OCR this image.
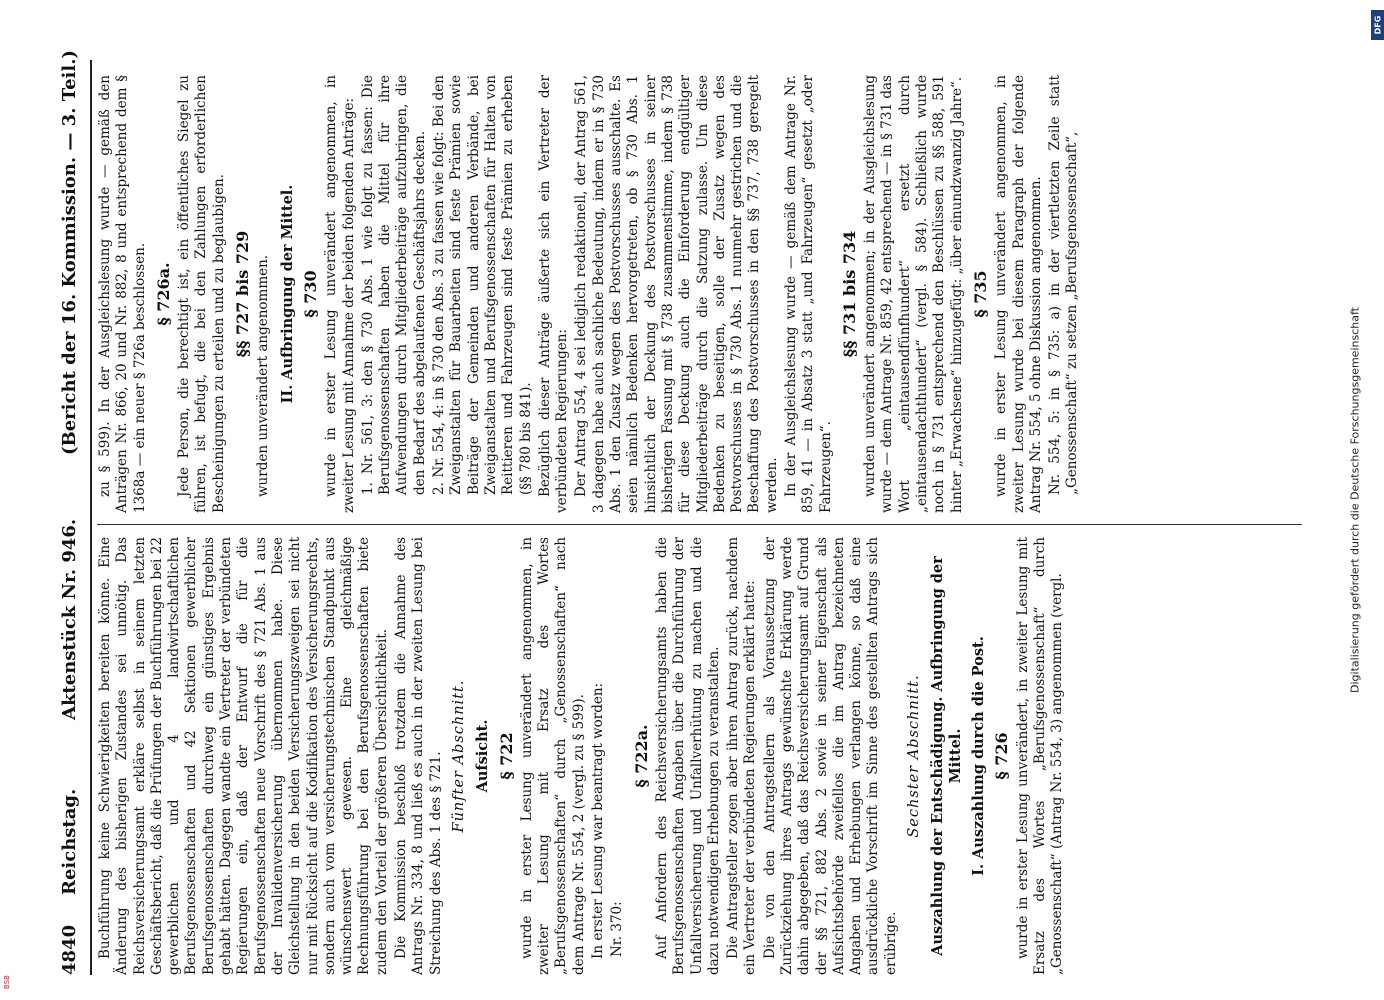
4840
Reichstag.
Aktenstück Nr. 946.
(Bericht der 16. Kommission. — 3. Teil.)

Buchführung keine Schwierigkeiten bereiten könne. Eine Änderung des bisherigen Zustandes sei unnötig. Das Reichsversicherungsamt erkläre selbst in seinem letzten Geschäftsbericht, daß die Prüfungen der Buchführungen bei 22 gewerblichen und 4 landwirtschaftlichen Berufsgenossenschaften und 42 Sektionen gewerblicher Berufsgenossenschaften durchweg ein günstiges Ergebnis gehabt hätten. Dagegen wandte ein Vertreter der verbündeten Regierungen ein, daß der Entwurf die für die Berufsgenossenschaften neue Vorschrift des § 721 Abs. 1 aus der Invalidenversicherung übernommen habe. Diese Gleichstellung in den beiden Versicherungszweigen sei nicht nur mit Rücksicht auf die Kodifikation des Versicherungsrechts, sondern auch vom versicherungstechnischen Standpunkt aus wünschenswert gewesen. Eine gleichmäßige Rechnungsführung bei den Berufsgenossenschaften biete zudem den Vorteil der größeren Übersichtlichkeit. Die Kommission beschloß trotzdem die Annahme des Antrags Nr. 334, 8 und ließ es auch in der zweiten Lesung bei Streichung des Abs. 1 des § 721. Fünfter Abschnitt. Aufsicht. § 722 wurde in erster Lesung unverändert angenommen, in zweiter Lesung mit Ersatz des Wortes „Berufsgenossenschaften“ durch „Genossenschaften“ nach dem Antrage Nr. 554, 2 (vergl. zu § 599). In erster Lesung war beantragt worden: Nr. 370:

§ 722a. Auf Anfordern des Reichsversicherungsamts haben die Berufsgenossenschaften Angaben über die Durchführung der Unfallversicherung und Unfallverhütung zu machen und die dazu notwendigen Erhebungen zu veranstalten. Die Antragsteller zogen aber ihren Antrag zurück, nachdem ein Vertreter der verbündeten Regierungen erklärt hatte: Die von den Antragstellern als Voraussetzung der Zurückziehung ihres Antrags gewünschte Erklärung werde dahin abgegeben, daß das Reichsversicherungsamt auf Grund der §§ 721, 882 Abs. 2 sowie in seiner Eigenschaft als Aufsichtsbehörde zweifellos die im Antrag bezeichneten Angaben und Erhebungen verlangen könne, so daß eine ausdrückliche Vorschrift im Sinne des gestellten Antrags sich erübrige.

Sechster Abschnitt. Auszahlung der Entschädigung. Aufbringung der Mittel. I. Auszahlung durch die Post. § 726 wurde in erster Lesung unverändert, in zweiter Lesung mit Ersatz des Wortes „Berufsgenossenschaft“ durch „Genossenschaft“ (Antrag Nr. 554, 3) angenommen (vergl.

zu § 599). In der Ausgleichslesung wurde — gemäß den Anträgen Nr. 866, 20 und Nr. 882, 8 und entsprechend dem § 1368a — ein neuer § 726a beschlossen. § 726a. Jede Person, die berechtigt ist, ein öffentliches Siegel zu führen, ist befugt, die bei den Zahlungen erforderlichen Bescheinigungen zu erteilen und zu beglaubigen. §§ 727 bis 729 wurden unverändert angenommen. II. Aufbringung der Mittel. § 730 wurde in erster Lesung unverändert angenommen, in zweiter Lesung mit Annahme der beiden folgenden Anträge: 1. Nr. 561, 3: den § 730 Abs. 1 wie folgt zu fassen: Die Berufsgenossenschaften haben die Mittel für ihre Aufwendungen durch Mitgliederbeiträge aufzubringen, die den Bedarf des abgelaufenen Geschäftsjahrs decken. 2. Nr. 554, 4: in § 730 den Abs. 3 zu fassen wie folgt: Bei den Zweiganstalten für Bauarbeiten sind feste Prämien sowie Beiträge der Gemeinden und anderen Verbände, bei Zweiganstalten und Berufsgenossenschaften für Halten von Reittieren und Fahrzeugen sind feste Prämien zu erheben (§§ 780 bis 841). Bezüglich dieser Anträge äußerte sich ein Vertreter der verbündeten Regierungen: Der Antrag 554, 4 sei lediglich redaktionell, der Antrag 561, 3 dagegen habe auch sachliche Bedeutung, indem er in § 730 Abs. 1 den Zusatz wegen des Postvorschusses ausschalte. Es seien nämlich Bedenken hervorgetreten, ob § 730 Abs. 1 hinsichtlich der Deckung des Postvorschusses in seiner bisherigen Fassung mit § 738 zusammenstimme, indem § 738 für diese Deckung auch die Einforderung endgültiger Mitgliederbeiträge durch die Satzung zulasse. Um diese Bedenken zu beseitigen, solle der Zusatz wegen des Postvorschusses in § 730 Abs. 1 nunmehr gestrichen und die Beschaffung des Postvorschusses in den §§ 737, 738 geregelt werden. In der Ausgleichslesung wurde — gemäß dem Antrage Nr. 859, 41 — in Absatz 3 statt „und Fahrzeugen“ gesetzt „oder Fahrzeugen“.

§§ 731 bis 734 wurden unverändert angenommen; in der Ausgleichslesung wurde — dem Antrage Nr. 859, 42 entsprechend — in § 731 das Wort „eintausendfünfhundert“ ersetzt durch „eintausendachthundert“ (vergl. § 584). Schließlich wurde noch in § 731 entsprechend den Beschlüssen zu §§ 588, 591 hinter „Erwachsene“ hinzugefügt: „über einundzwanzig Jahre“. § 735 wurde in erster Lesung unverändert angenommen, in zweiter Lesung wurde bei diesem Paragraph der folgende Antrag Nr. 554, 5 ohne Diskussion angenommen. Nr. 554, 5: in § 735: a) in der viertletzten Zeile statt „Genossenschaft“ zu setzen „Berufsgenossenschaft“,	Digitalisierung gefördert durch die Deutsche Forschungsgemeinschaft
DFG
BSB
